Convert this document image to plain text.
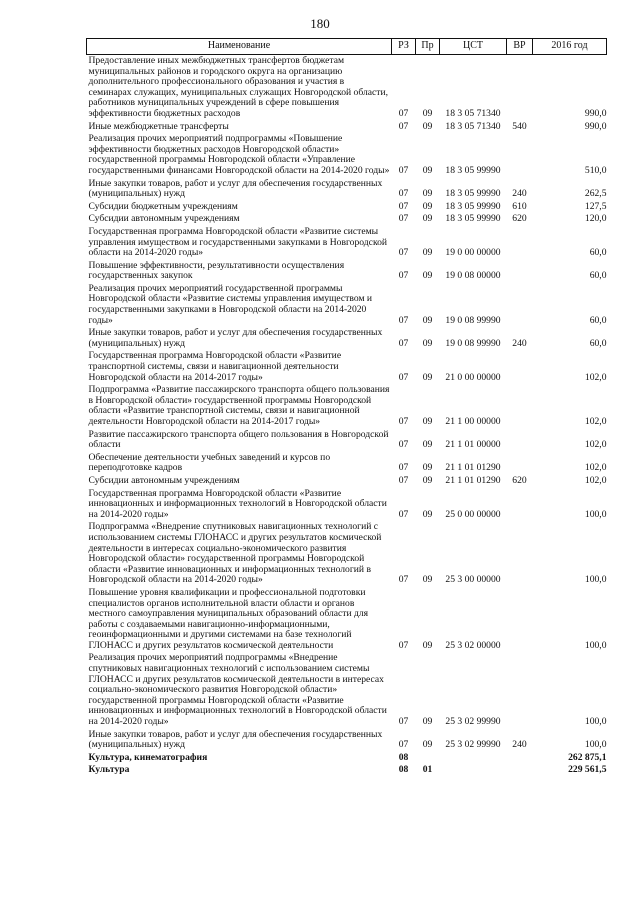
180
Наименование	РЗ	Пр	ЦСТ	ВР	2016 год
Предоставление иных межбюджетных трансфертов бюджетам муниципальных районов и городского округа на организацию дополнительного профессионального образования и участия в семинарах служащих, муниципальных служащих Новгородской области, работников муниципальных учреждений в сфере повышения эффективности бюджетных расходов	07	09	18 3 05 71340		990,0
Иные межбюджетные трансферты	07	09	18 3 05 71340	540	990,0
Реализация прочих мероприятий подпрограммы «Повышение эффективности бюджетных расходов Новгородской области» государственной программы Новгородской области «Управление государственными финансами Новгородской области на 2014-2020 годы»	07	09	18 3 05 99990		510,0
Иные закупки товаров, работ и услуг для обеспечения государственных (муниципальных) нужд	07	09	18 3 05 99990	240	262,5
Субсидии бюджетным учреждениям	07	09	18 3 05 99990	610	127,5
Субсидии автономным учреждениям	07	09	18 3 05 99990	620	120,0
Государственная программа Новгородской области «Развитие системы управления имуществом и государственными закупками в Новгородской области на 2014-2020 годы»	07	09	19 0 00 00000		60,0
Повышение эффективности, результативности осуществления государственных закупок	07	09	19 0 08 00000		60,0
Реализация прочих мероприятий государственной программы Новгородской области «Развитие системы управления имуществом и государственными закупками в Новгородской области на 2014-2020 годы»	07	09	19 0 08 99990		60,0
Иные закупки товаров, работ и услуг для обеспечения государственных (муниципальных) нужд	07	09	19 0 08 99990	240	60,0
Государственная программа Новгородской области «Развитие транспортной системы, связи и навигационной деятельности Новгородской области на 2014-2017 годы»	07	09	21 0 00 00000		102,0
Подпрограмма «Развитие пассажирского транспорта общего пользования в Новгородской области» государственной программы Новгородской области «Развитие транспортной системы, связи и навигационной деятельности Новгородской области на 2014-2017 годы»	07	09	21 1 00 00000		102,0
Развитие пассажирского транспорта общего пользования в Новгородской области	07	09	21 1 01 00000		102,0
Обеспечение деятельности учебных заведений и курсов по переподготовке кадров	07	09	21 1 01 01290		102,0
Субсидии автономным учреждениям	07	09	21 1 01 01290	620	102,0
Государственная программа Новгородской области «Развитие инновационных и информационных технологий в Новгородской области на 2014-2020 годы»	07	09	25 0 00 00000		100,0
Подпрограмма «Внедрение спутниковых навигационных технологий с использованием системы ГЛОНАСС и других результатов космической деятельности в интересах социально-экономического развития Новгородской области» государственной программы Новгородской области «Развитие инновационных и информационных технологий в Новгородской области на 2014-2020 годы»	07	09	25 3 00 00000		100,0
Повышение уровня квалификации и профессиональной подготовки специалистов органов исполнительной власти области и органов местного самоуправления муниципальных образований области для работы с создаваемыми навигационно-информационными, геоинформационными и другими системами на базе технологий ГЛОНАСС и других результатов космической деятельности	07	09	25 3 02 00000		100,0
Реализация прочих мероприятий подпрограммы «Внедрение спутниковых навигационных технологий с использованием системы ГЛОНАСС и других результатов космической деятельности в интересах социально-экономического развития Новгородской области» государственной программы Новгородской области «Развитие инновационных и информационных технологий в Новгородской области на 2014-2020 годы»	07	09	25 3 02 99990		100,0
Иные закупки товаров, работ и услуг для обеспечения государственных (муниципальных) нужд	07	09	25 3 02 99990	240	100,0
Культура, кинематография	08				262 875,1
Культура	08	01			229 561,5
